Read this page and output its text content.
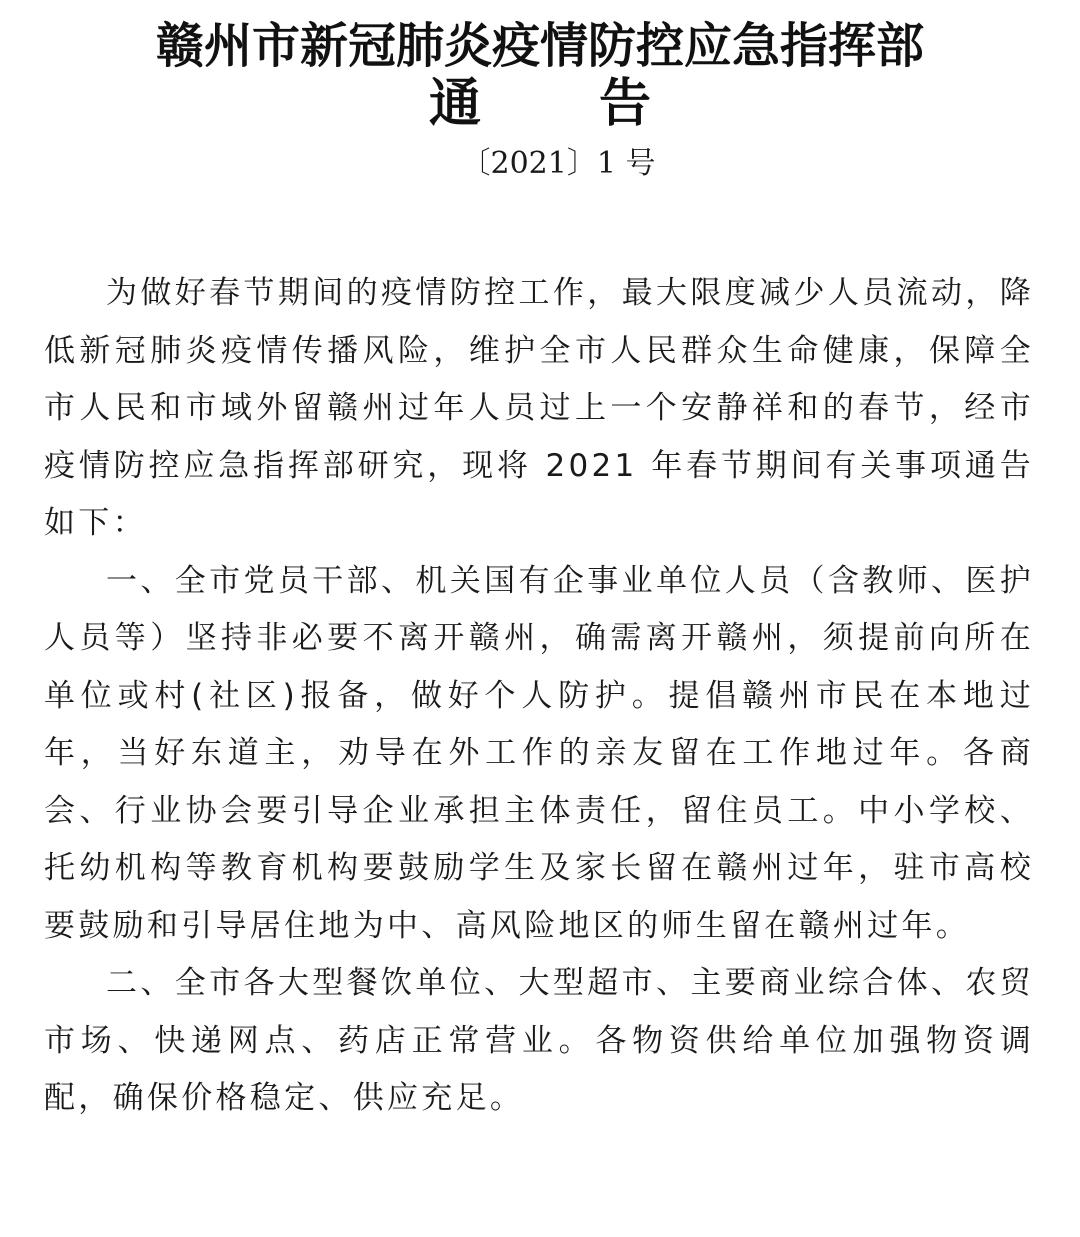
赣州市新冠肺炎疫情防控应急指挥部
通告
〔2021〕1 号

为做好春节期间的疫情防控工作，最大限度减少人员流动，降低新冠肺炎疫情传播风险，维护全市人民群众生命健康，保障全市人民和市域外留赣州过年人员过上一个安静祥和的春节，经市疫情防控应急指挥部研究，现将 2021 年春节期间有关事项通告如下：

一、全市党员干部、机关国有企事业单位人员（含教师、医护人员等）坚持非必要不离开赣州，确需离开赣州，须提前向所在单位或村(社区)报备，做好个人防护。提倡赣州市民在本地过年，当好东道主，劝导在外工作的亲友留在工作地过年。各商会、行业协会要引导企业承担主体责任，留住员工。中小学校、托幼机构等教育机构要鼓励学生及家长留在赣州过年，驻市高校要鼓励和引导居住地为中、高风险地区的师生留在赣州过年。

二、全市各大型餐饮单位、大型超市、主要商业综合体、农贸市场、快递网点、药店正常营业。各物资供给单位加强物资调配，确保价格稳定、供应充足。
